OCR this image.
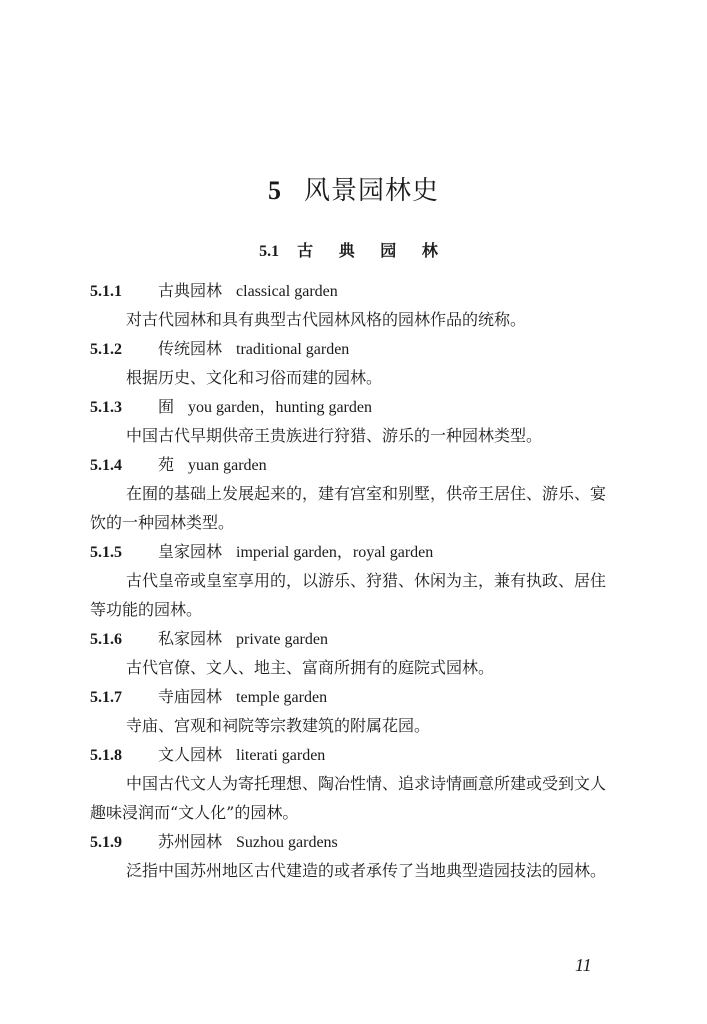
5 风景园林史
5.1 古 典 园 林
5.1.1 古典园林 classical garden

对古代园林和具有典型古代园林风格的园林作品的统称。

5.1.2 传统园林 traditional garden

根据历史、文化和习俗而建的园林。

5.1.3 囿 you garden，hunting garden

中国古代早期供帝王贵族进行狩猎、游乐的一种园林类型。

5.1.4 苑 yuan garden

在囿的基础上发展起来的，建有宫室和别墅，供帝王居住、游乐、宴饮的一种园林类型。

5.1.5 皇家园林 imperial garden，royal garden

古代皇帝或皇室享用的，以游乐、狩猎、休闲为主，兼有执政、居住等功能的园林。

5.1.6 私家园林 private garden

古代官僚、文人、地主、富商所拥有的庭院式园林。

5.1.7 寺庙园林 temple garden

寺庙、宫观和祠院等宗教建筑的附属花园。

5.1.8 文人园林 literati garden

中国古代文人为寄托理想、陶冶性情、追求诗情画意所建或受到文人趣味浸润而“文人化”的园林。

5.1.9 苏州园林 Suzhou gardens

泛指中国苏州地区古代建造的或者承传了当地典型造园技法的园林。

11
